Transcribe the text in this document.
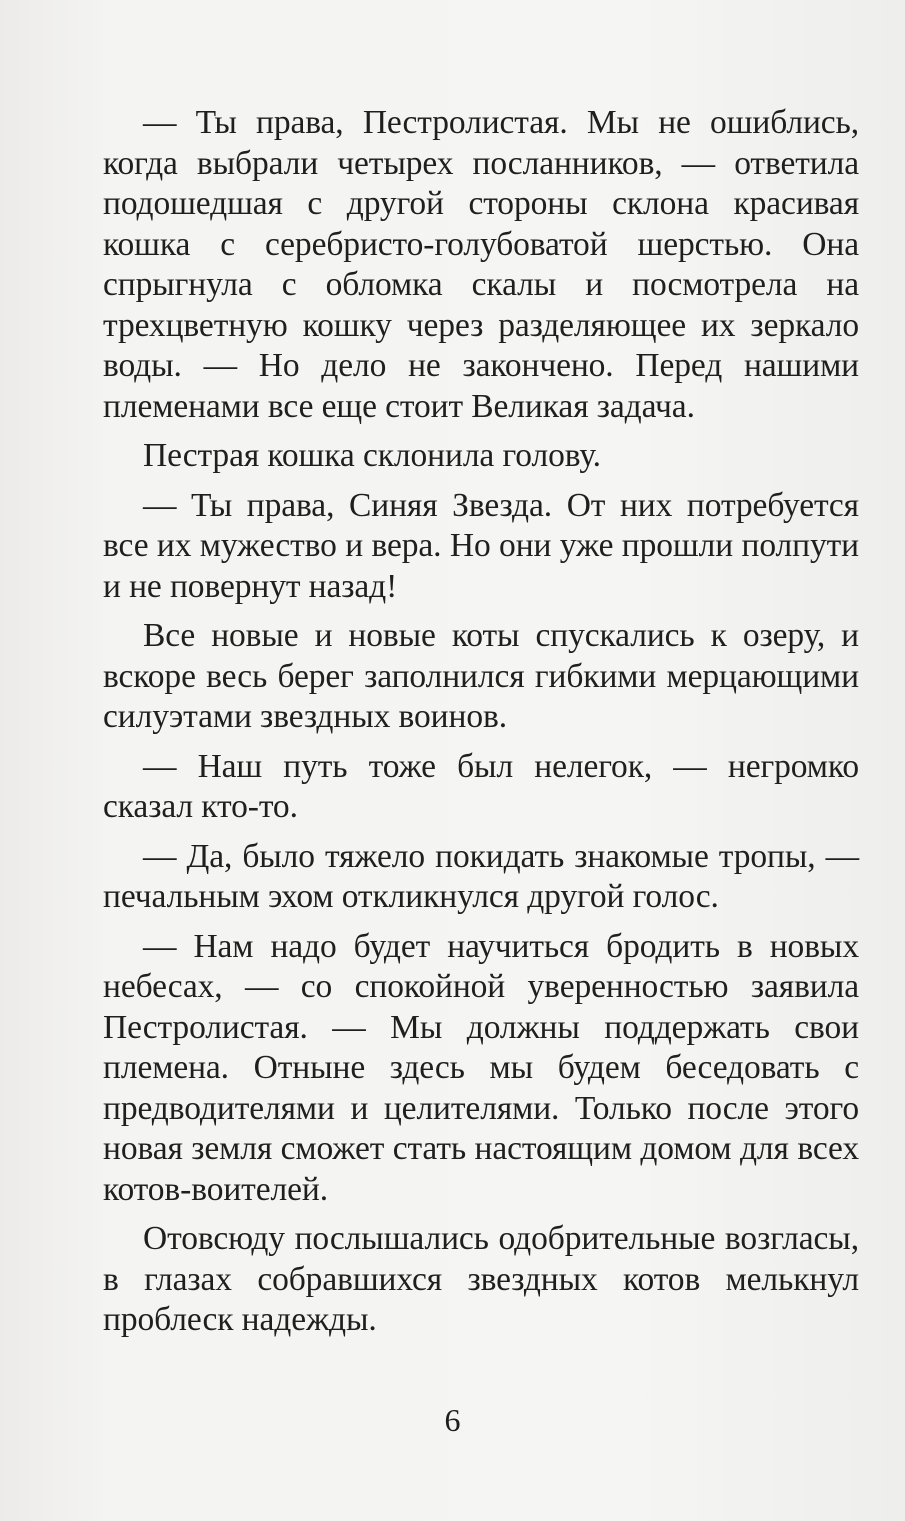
— Ты права, Пестролистая. Мы не ошиблись, когда выбрали четырех посланников, — ответила подошедшая с другой стороны склона красивая кошка с серебристо-голубоватой шерстью. Она спрыгнула с обломка скалы и посмотрела на трехцветную кошку через разделяющее их зеркало воды. — Но дело не закончено. Перед нашими племенами все еще стоит Великая задача.

Пестрая кошка склонила голову.

— Ты права, Синяя Звезда. От них потребуется все их мужество и вера. Но они уже прошли полпути и не повернут назад!

Все новые и новые коты спускались к озеру, и вскоре весь берег заполнился гибкими мерцающими силуэтами звездных воинов.

— Наш путь тоже был нелегок, — негромко сказал кто-то.

— Да, было тяжело покидать знакомые тропы, — печальным эхом откликнулся другой голос.

— Нам надо будет научиться бродить в новых небесах, — со спокойной уверенностью заявила Пестролистая. — Мы должны поддержать свои племена. Отныне здесь мы будем беседовать с предводителями и целителями. Только после этого новая земля сможет стать настоящим домом для всех котов-воителей.

Отовсюду послышались одобрительные возгласы, в глазах собравшихся звездных котов мелькнул проблеск надежды.

6
